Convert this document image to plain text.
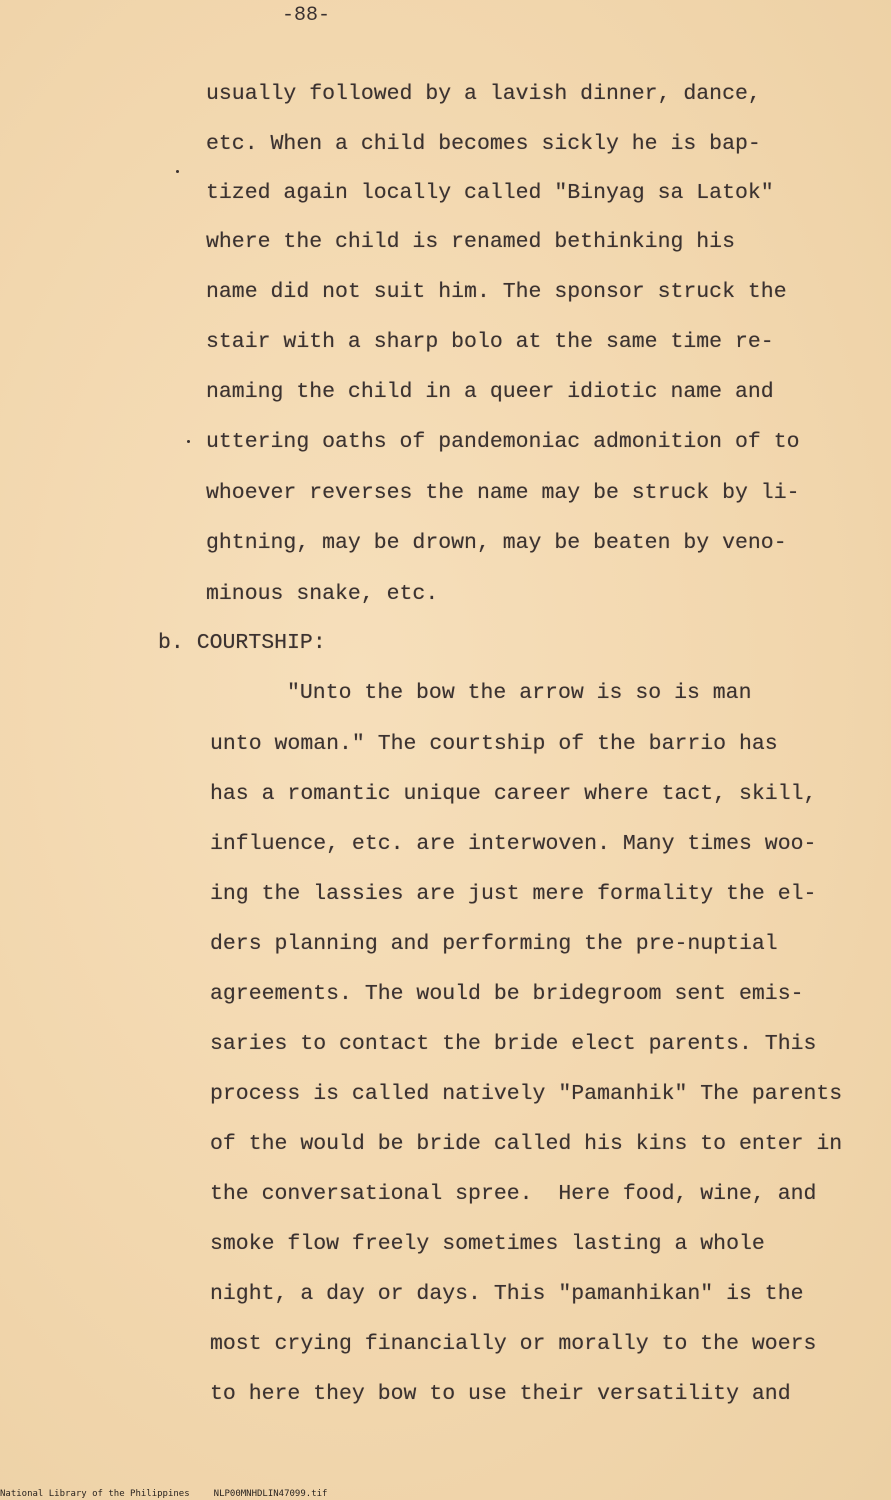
-88-
usually followed by a lavish dinner, dance,
etc. When a child becomes sickly he is bap-
tized again locally called "Binyag sa Latok"
where the child is renamed bethinking his
name did not suit him. The sponsor struck the
stair with a sharp bolo at the same time re-
naming the child in a queer idiotic name and
uttering oaths of pandemoniac admonition of to
whoever reverses the name may be struck by li-
ghtning, may be drown, may be beaten by veno-
minous snake, etc.
b. COURTSHIP:
"Unto the bow the arrow is so is man
unto woman." The courtship of the barrio has
has a romantic unique career where tact, skill,
influence, etc. are interwoven. Many times woo-
ing the lassies are just mere formality the el-
ders planning and performing the pre-nuptial
agreements. The would be bridegroom sent emis-
saries to contact the bride elect parents. This
process is called natively "Pamanhik" The parents
of the would be bride called his kins to enter in
the conversational spree.  Here food, wine, and
smoke flow freely sometimes lasting a whole
night, a day or days. This "pamanhikan" is the
most crying financially or morally to the woers
to here they bow to use their versatility and
National Library of the Philippines	NLP00MNHDLIN47099.tif
